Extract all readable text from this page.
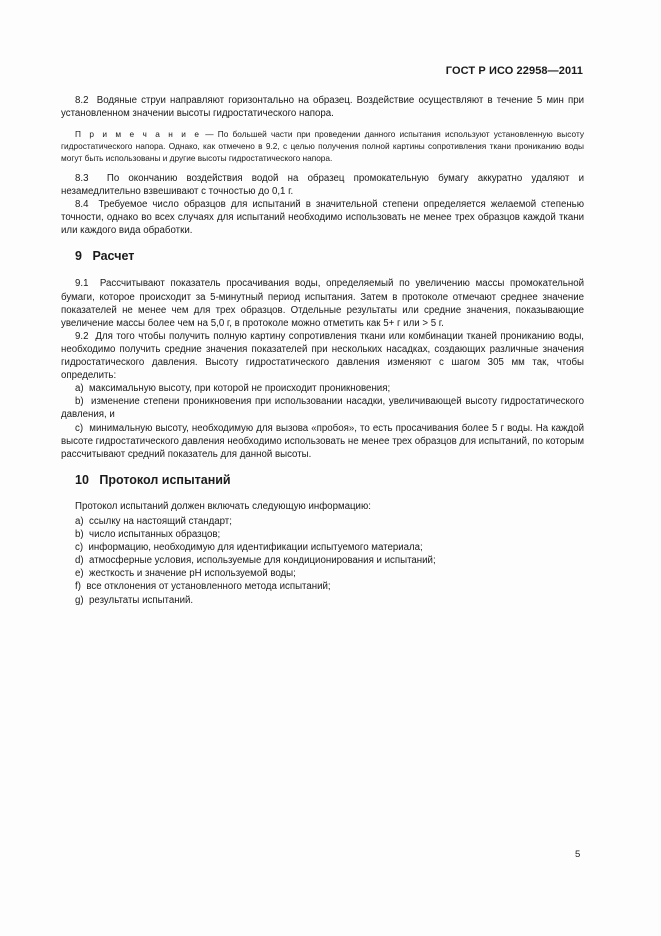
ГОСТ Р ИСО 22958—2011

8.2 Водяные струи направляют горизонтально на образец. Воздействие осуществляют в течение 5 мин при установленном значении высоты гидростатического напора.

П р и м е ч а н и е — По большей части при проведении данного испытания используют установленную высоту гидростатического напора. Однако, как отмечено в 9.2, с целью получения полной картины сопротивления ткани прониканию воды могут быть использованы и другие высоты гидростатического напора.

8.3 По окончанию воздействия водой на образец промокательную бумагу аккуратно удаляют и незамедлительно взвешивают с точностью до 0,1 г.

8.4 Требуемое число образцов для испытаний в значительной степени определяется желаемой степенью точности, однако во всех случаях для испытаний необходимо использовать не менее трех образцов каждой ткани или каждого вида обработки.

9 Расчет

9.1 Рассчитывают показатель просачивания воды, определяемый по увеличению массы промокательной бумаги, которое происходит за 5-минутный период испытания. Затем в протоколе отмечают среднее значение показателей не менее чем для трех образцов. Отдельные результаты или средние значения, показывающие увеличение массы более чем на 5,0 г, в протоколе можно отметить как 5+ г или > 5 г.

9.2 Для того чтобы получить полную картину сопротивления ткани или комбинации тканей прониканию воды, необходимо получить средние значения показателей при нескольких насадках, создающих различные значения гидростатического давления. Высоту гидростатического давления изменяют с шагом 305 мм так, чтобы определить:

a) максимальную высоту, при которой не происходит проникновения;

b) изменение степени проникновения при использовании насадки, увеличивающей высоту гидростатического давления, и

c) минимальную высоту, необходимую для вызова «пробоя», то есть просачивания более 5 г воды. На каждой высоте гидростатического давления необходимо использовать не менее трех образцов для испытаний, по которым рассчитывают средний показатель для данной высоты.

10 Протокол испытаний

Протокол испытаний должен включать следующую информацию:

a) ссылку на настоящий стандарт;

b) число испытанных образцов;

c) информацию, необходимую для идентификации испытуемого материала;

d) атмосферные условия, используемые для кондиционирования и испытаний;

e) жесткость и значение pH используемой воды;

f) все отклонения от установленного метода испытаний;

g) результаты испытаний.

5
